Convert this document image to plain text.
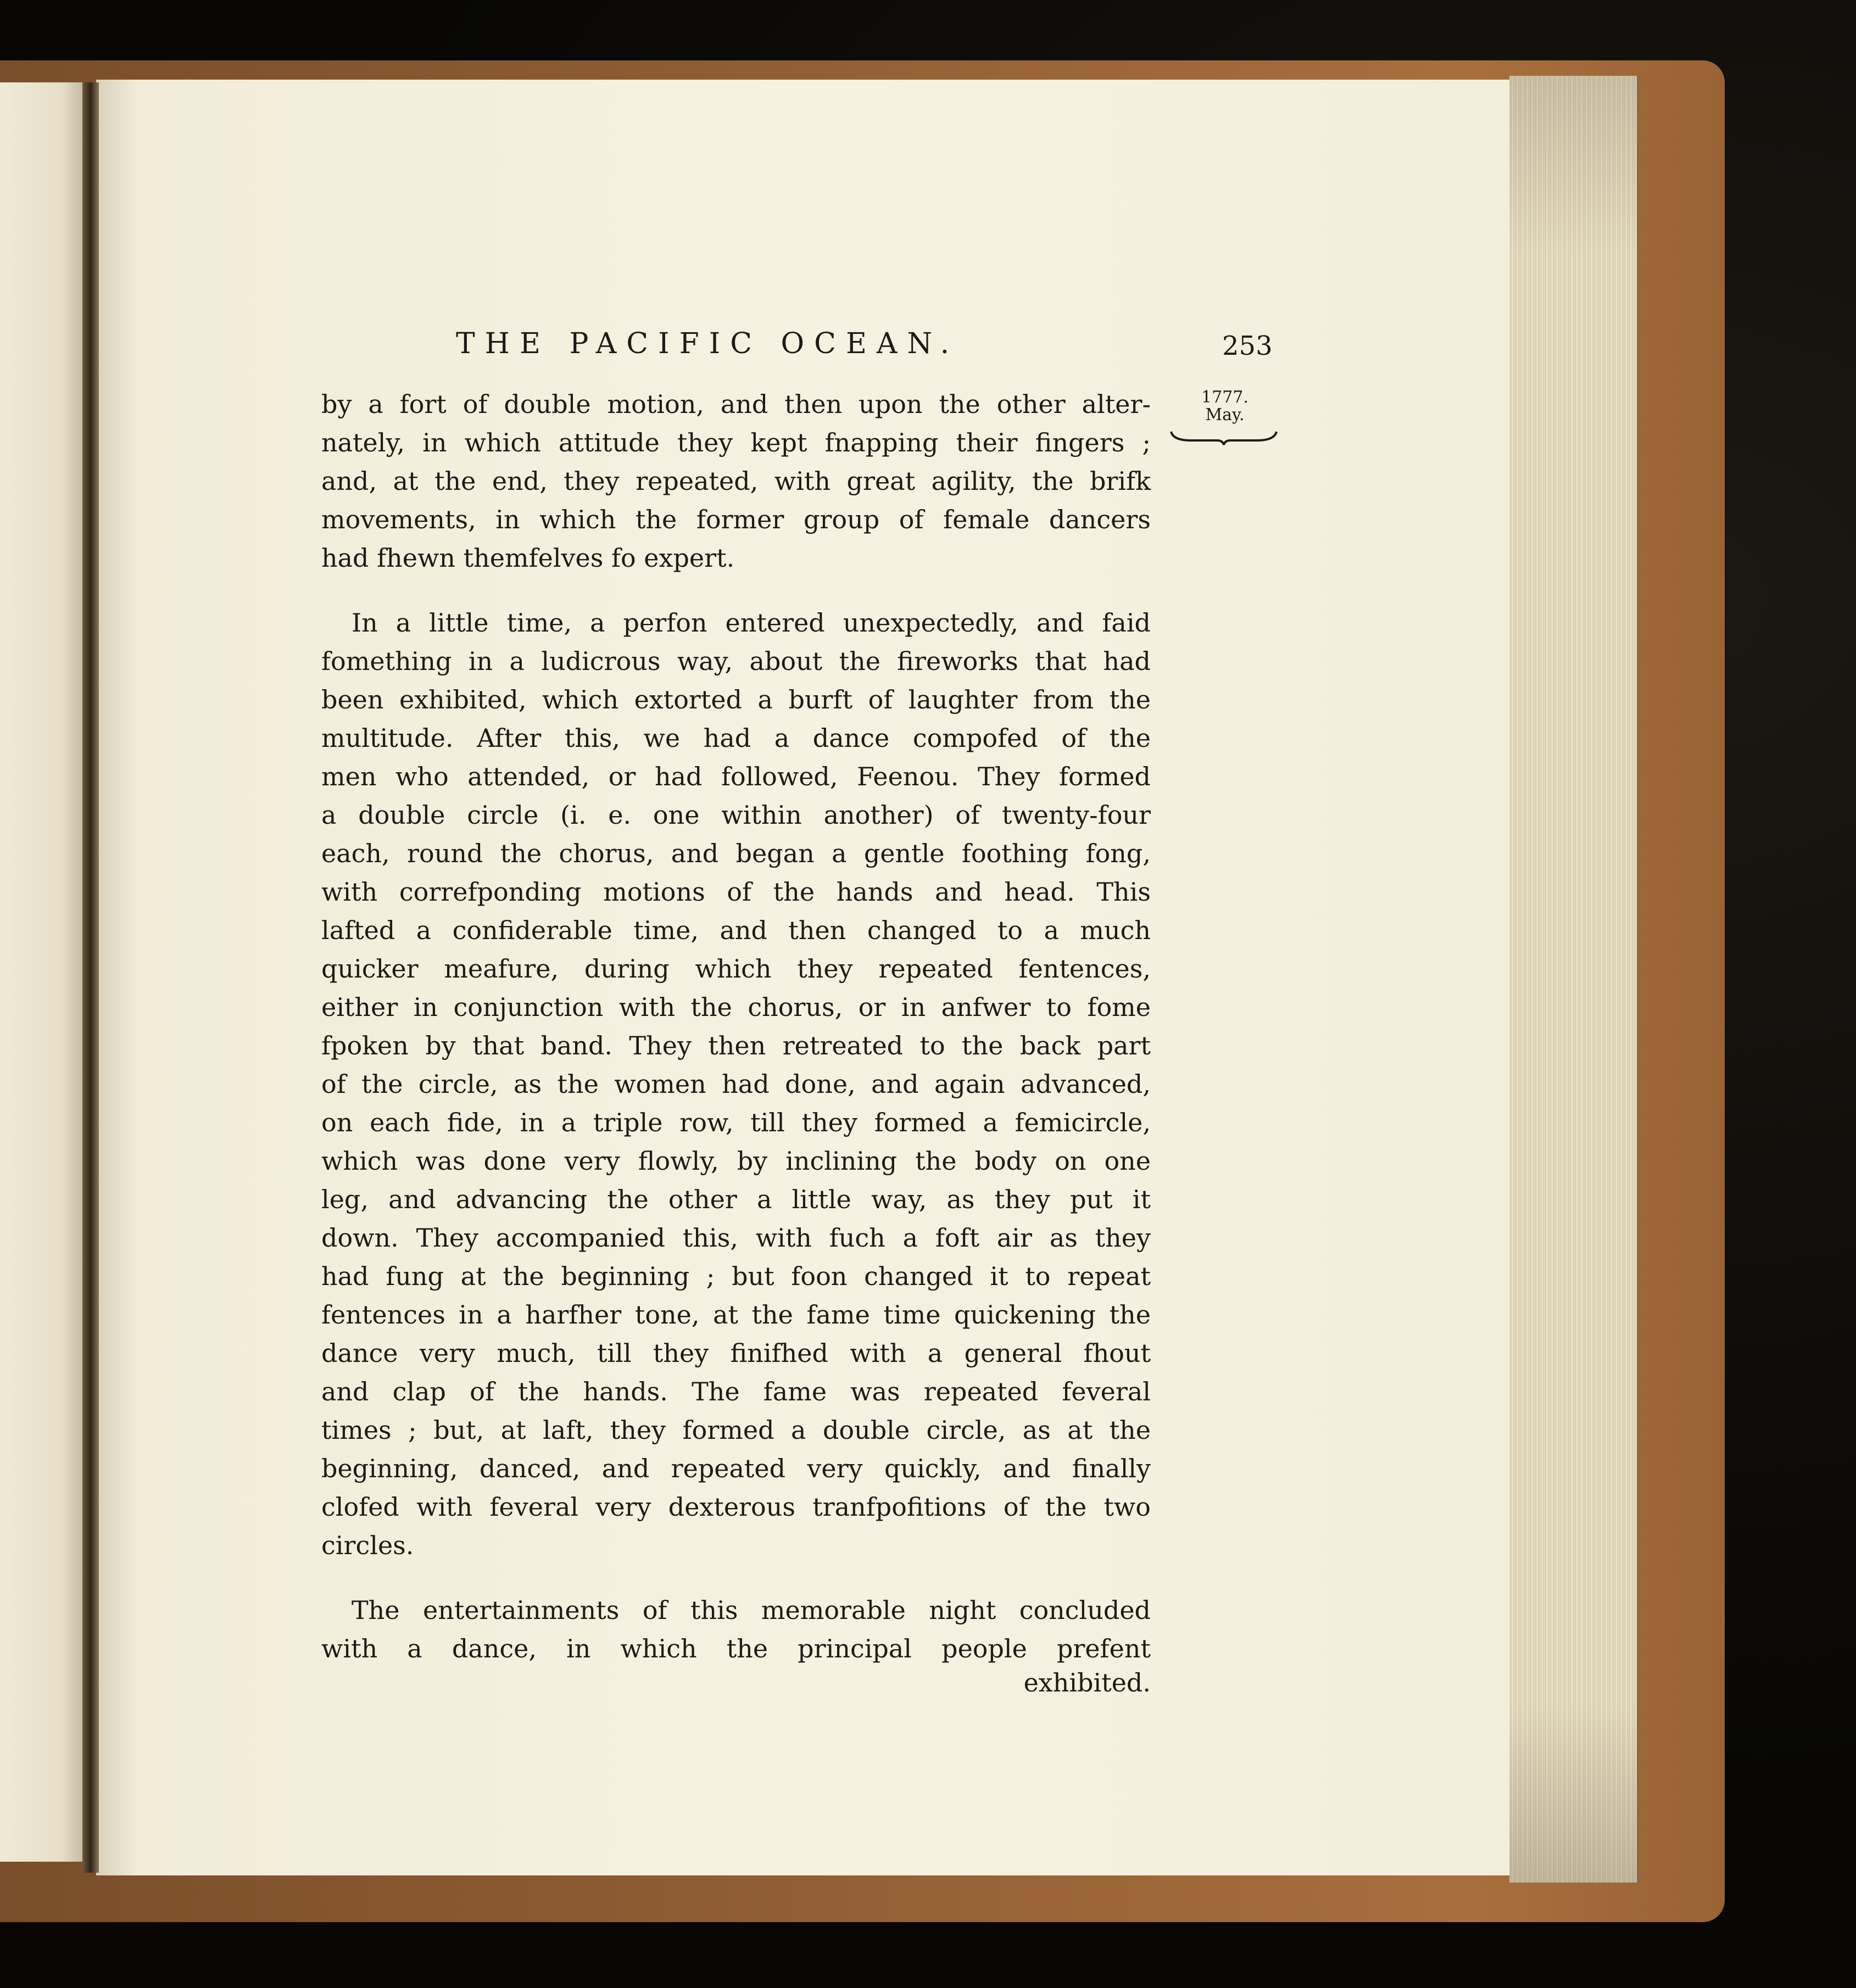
THE PACIFIC OCEAN.	253
1777.
May.
by a fort of double motion, and then upon the other alter-
nately, in which attitude they kept fnapping their fingers ;
and, at the end, they repeated, with great agility, the brifk
movements, in which the former group of female dancers
had fhewn themfelves fo expert.
In a little time, a perfon entered unexpectedly, and faid
fomething in a ludicrous way, about the fireworks that had
been exhibited, which extorted a burft of laughter from the
multitude. After this, we had a dance compofed of the
men who attended, or had followed, Feenou. They formed
a double circle (i. e. one within another) of twenty-four
each, round the chorus, and began a gentle foothing fong,
with correfponding motions of the hands and head. This
lafted a confiderable time, and then changed to a much
quicker meafure, during which they repeated fentences,
either in conjunction with the chorus, or in anfwer to fome
fpoken by that band. They then retreated to the back part
of the circle, as the women had done, and again advanced,
on each fide, in a triple row, till they formed a femicircle,
which was done very flowly, by inclining the body on one
leg, and advancing the other a little way, as they put it
down. They accompanied this, with fuch a foft air as they
had fung at the beginning ; but foon changed it to repeat
fentences in a harfher tone, at the fame time quickening the
dance very much, till they finifhed with a general fhout
and clap of the hands. The fame was repeated feveral
times ; but, at laft, they formed a double circle, as at the
beginning, danced, and repeated very quickly, and finally
clofed with feveral very dexterous tranfpofitions of the two
circles.
The entertainments of this memorable night concluded
with a dance, in which the principal people prefent
exhibited.
